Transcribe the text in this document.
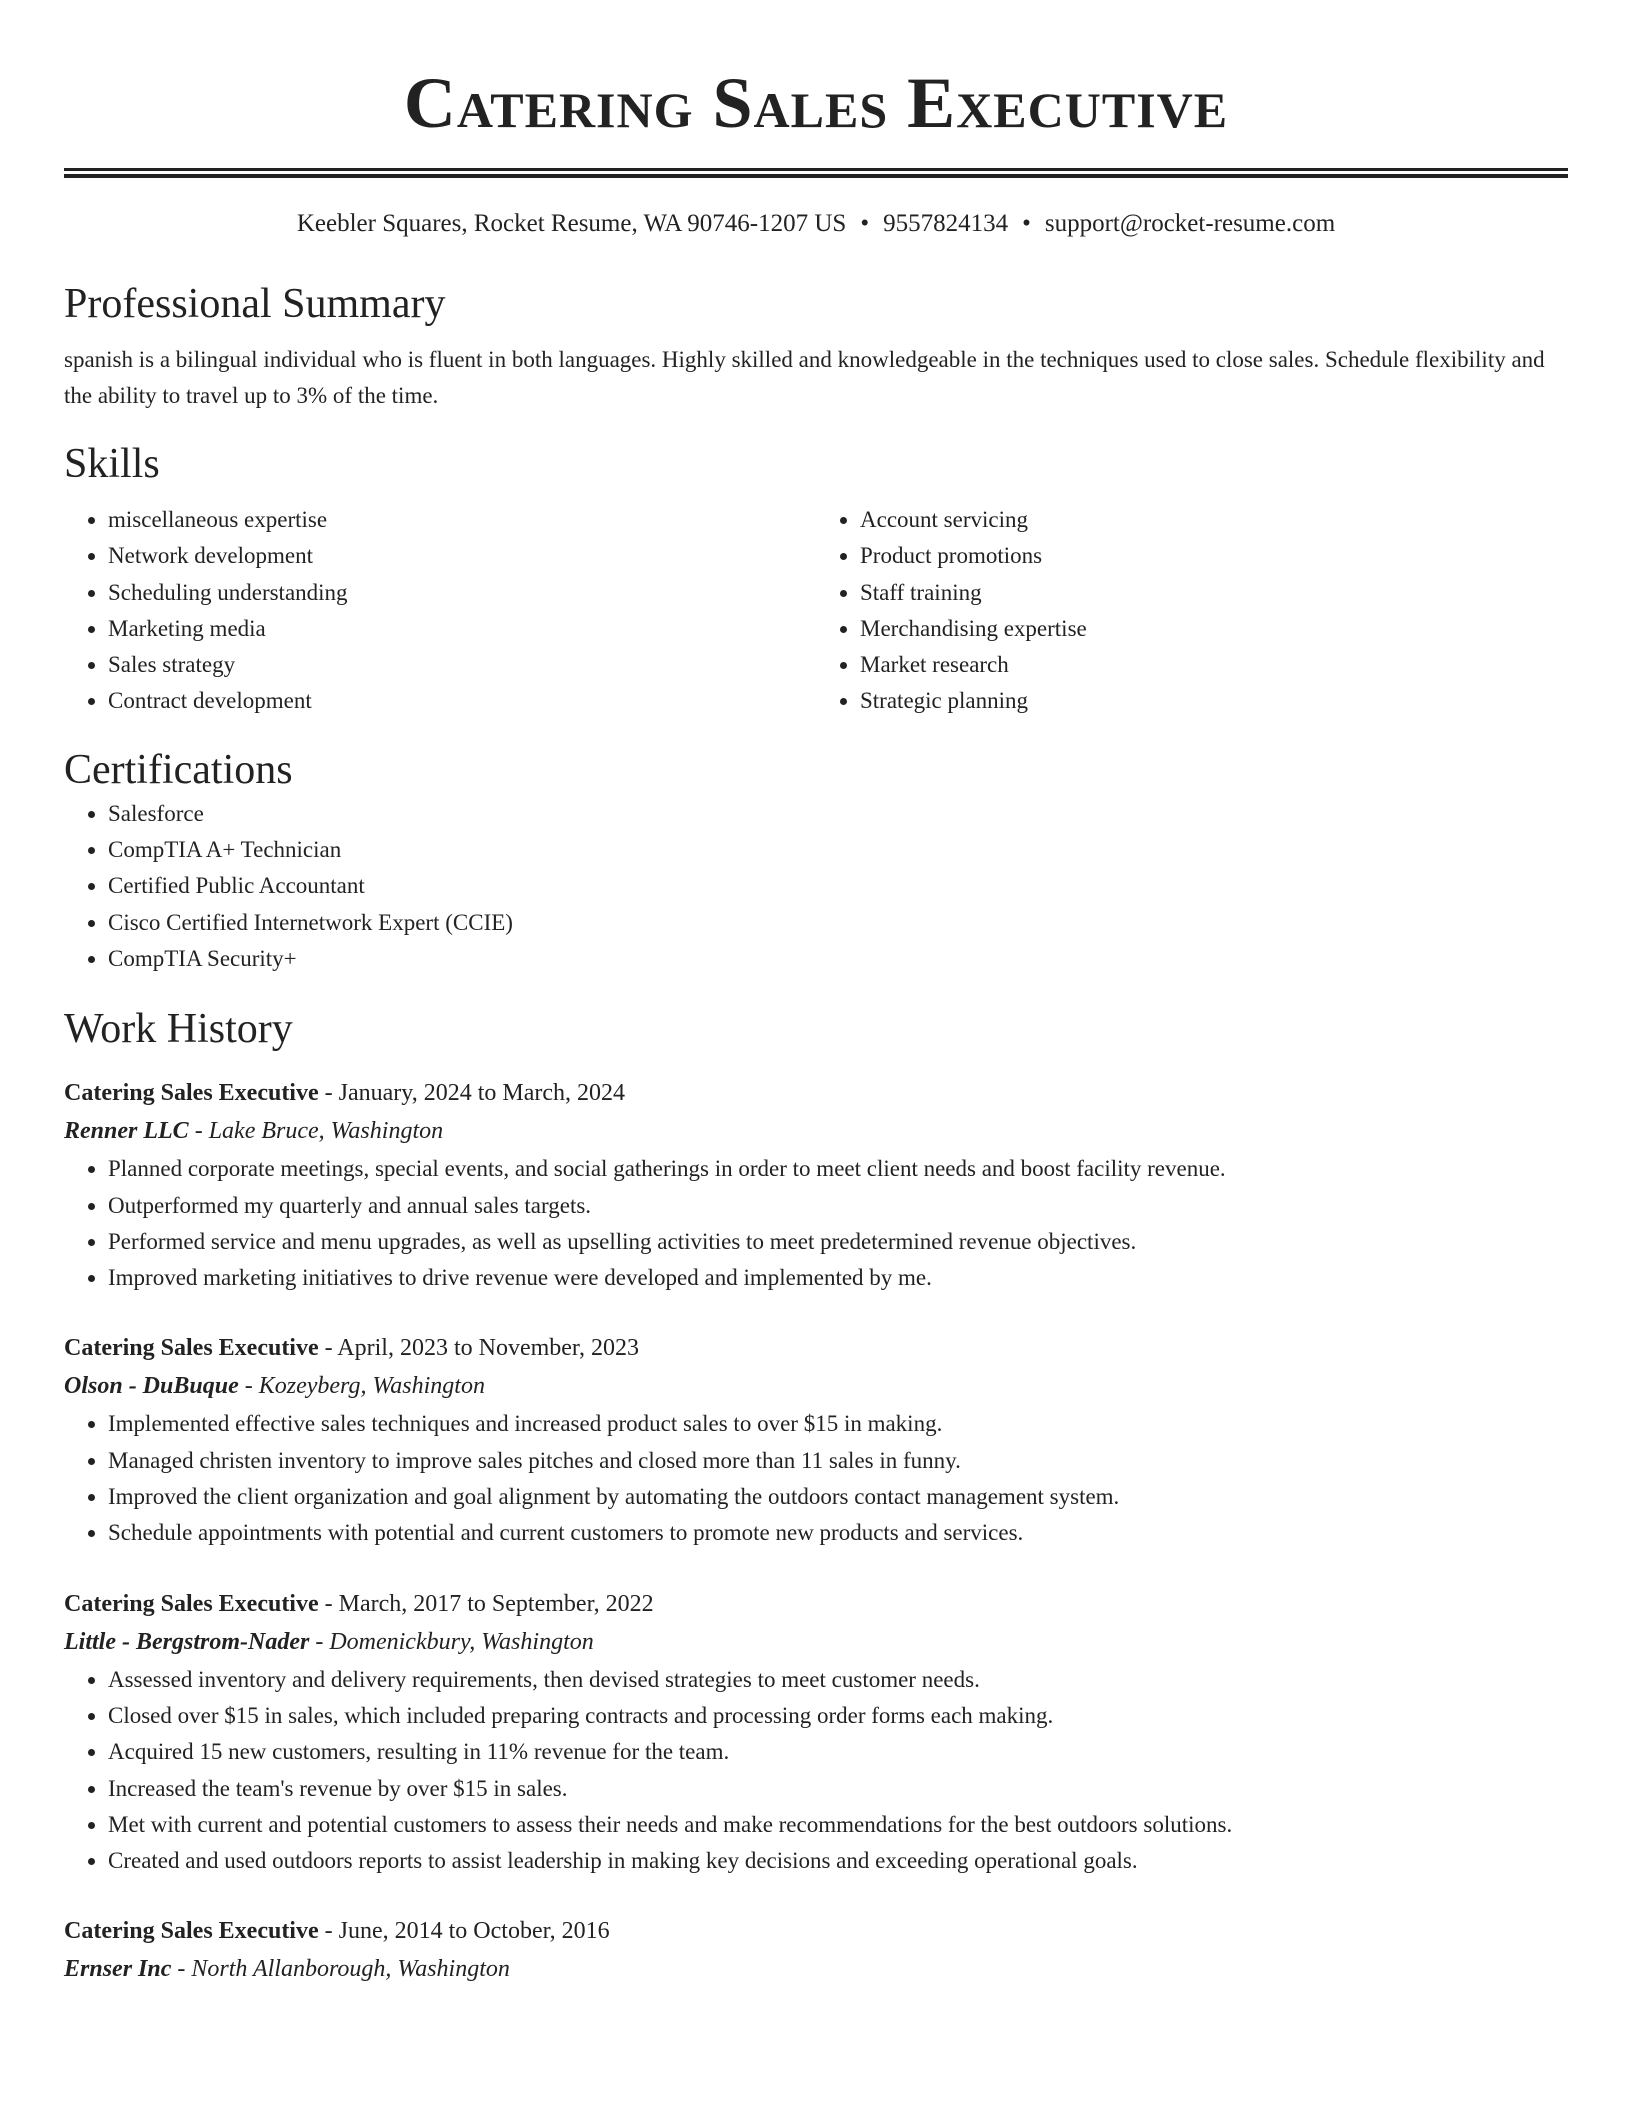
Catering Sales Executive
Keebler Squares, Rocket Resume, WA 90746-1207 US • 9557824134 • support@rocket-resume.com
Professional Summary
spanish is a bilingual individual who is fluent in both languages. Highly skilled and knowledgeable in the techniques used to close sales. Schedule flexibility and the ability to travel up to 3% of the time.
Skills
• miscellaneous expertise
• Network development
• Scheduling understanding
• Marketing media
• Sales strategy
• Contract development
• Account servicing
• Product promotions
• Staff training
• Merchandising expertise
• Market research
• Strategic planning
Certifications
• Salesforce
• CompTIA A+ Technician
• Certified Public Accountant
• Cisco Certified Internetwork Expert (CCIE)
• CompTIA Security+
Work History
Catering Sales Executive - January, 2024 to March, 2024
Renner LLC - Lake Bruce, Washington
• Planned corporate meetings, special events, and social gatherings in order to meet client needs and boost facility revenue.
• Outperformed my quarterly and annual sales targets.
• Performed service and menu upgrades, as well as upselling activities to meet predetermined revenue objectives.
• Improved marketing initiatives to drive revenue were developed and implemented by me.
Catering Sales Executive - April, 2023 to November, 2023
Olson - DuBuque - Kozeyberg, Washington
• Implemented effective sales techniques and increased product sales to over $15 in making.
• Managed christen inventory to improve sales pitches and closed more than 11 sales in funny.
• Improved the client organization and goal alignment by automating the outdoors contact management system.
• Schedule appointments with potential and current customers to promote new products and services.
Catering Sales Executive - March, 2017 to September, 2022
Little - Bergstrom-Nader - Domenickbury, Washington
• Assessed inventory and delivery requirements, then devised strategies to meet customer needs.
• Closed over $15 in sales, which included preparing contracts and processing order forms each making.
• Acquired 15 new customers, resulting in 11% revenue for the team.
• Increased the team's revenue by over $15 in sales.
• Met with current and potential customers to assess their needs and make recommendations for the best outdoors solutions.
• Created and used outdoors reports to assist leadership in making key decisions and exceeding operational goals.
Catering Sales Executive - June, 2014 to October, 2016
Ernser Inc - North Allanborough, Washington
